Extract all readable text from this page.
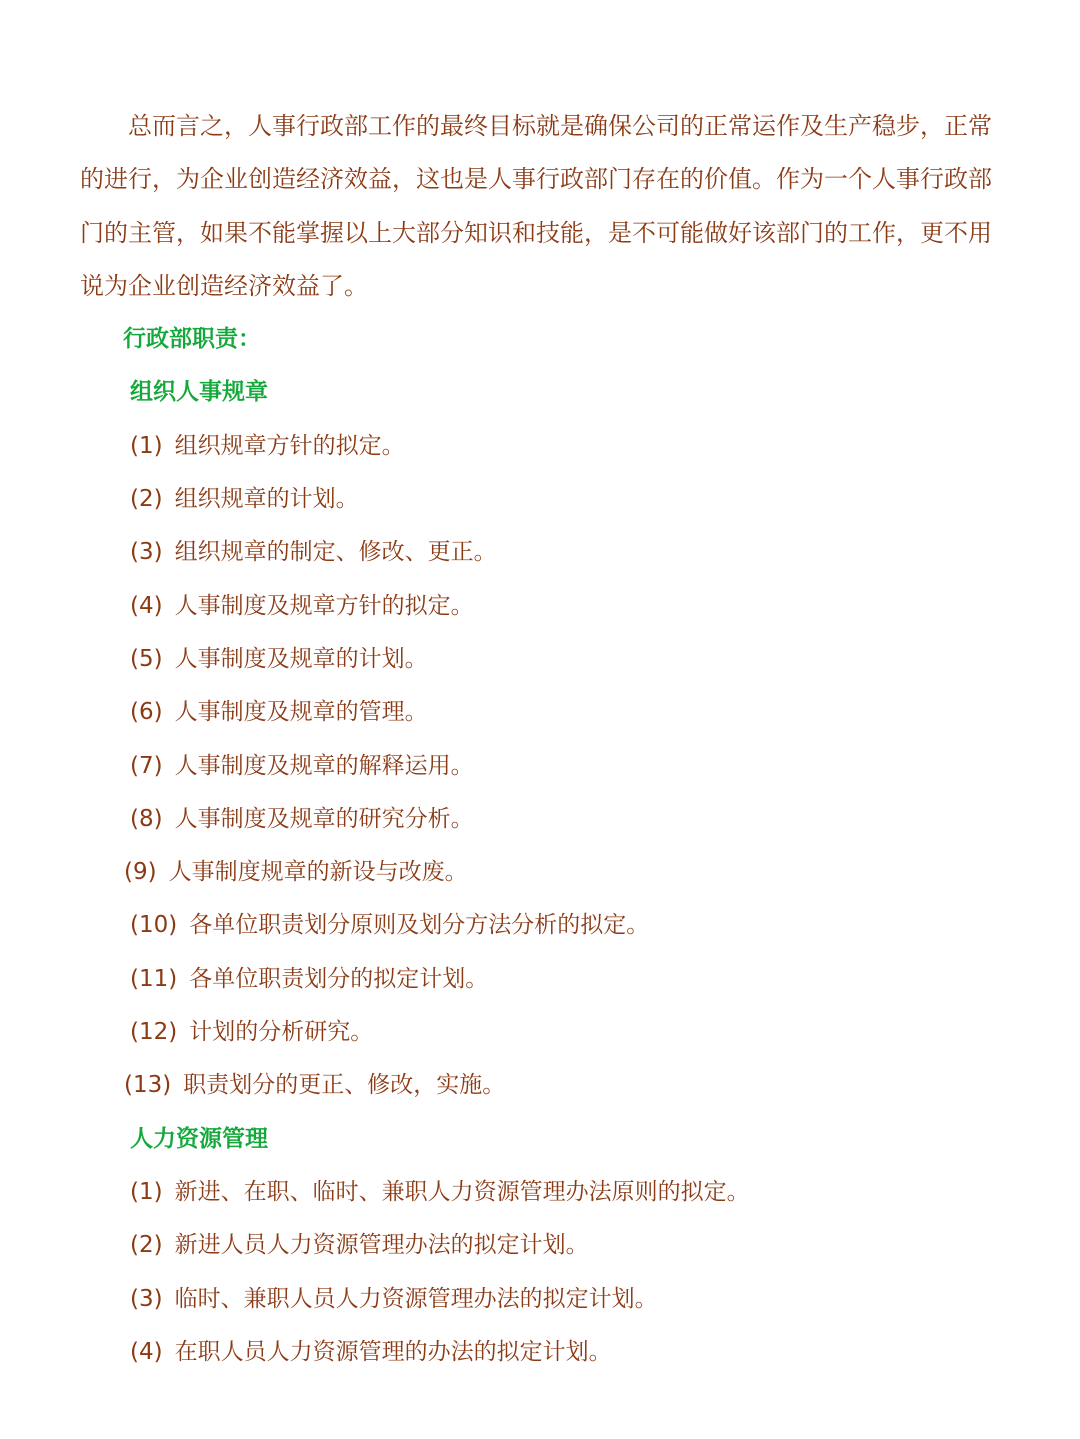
总而言之，人事行政部工作的最终目标就是确保公司的正常运作及生产稳步，正常的进行，为企业创造经济效益，这也是人事行政部门存在的价值。作为一个人事行政部门的主管，如果不能掌握以上大部分知识和技能，是不可能做好该部门的工作，更不用说为企业创造经济效益了。

行政部职责：
组织人事规章
(1) 组织规章方针的拟定。
(2) 组织规章的计划。
(3) 组织规章的制定、修改、更正。
(4) 人事制度及规章方针的拟定。
(5) 人事制度及规章的计划。
(6) 人事制度及规章的管理。
(7) 人事制度及规章的解释运用。
(8) 人事制度及规章的研究分析。
(9) 人事制度规章的新设与改废。
(10) 各单位职责划分原则及划分方法分析的拟定。
(11) 各单位职责划分的拟定计划。
(12) 计划的分析研究。
(13) 职责划分的更正、修改，实施。
人力资源管理
(1) 新进、在职、临时、兼职人力资源管理办法原则的拟定。
(2) 新进人员人力资源管理办法的拟定计划。
(3) 临时、兼职人员人力资源管理办法的拟定计划。
(4) 在职人员人力资源管理的办法的拟定计划。
